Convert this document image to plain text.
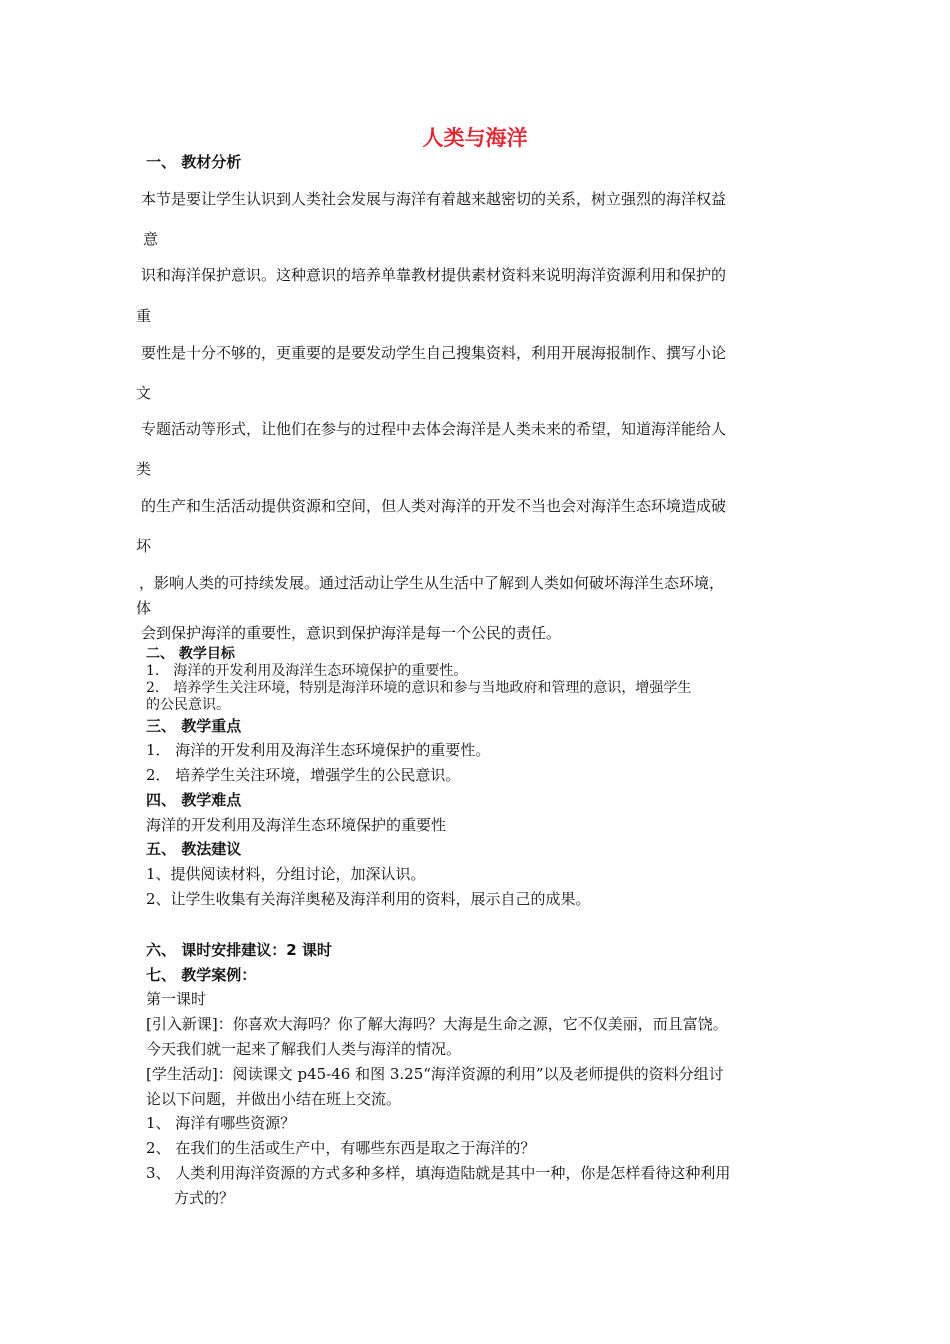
人类与海洋
一、 教材分析
本节是要让学生认识到人类社会发展与海洋有着越来越密切的关系，树立强烈的海洋权益
意
识和海洋保护意识。这种意识的培养单靠教材提供素材资料来说明海洋资源利用和保护的
重
要性是十分不够的，更重要的是要发动学生自己搜集资料，利用开展海报制作、撰写小论
文
专题活动等形式，让他们在参与的过程中去体会海洋是人类未来的希望，知道海洋能给人
类
的生产和生活活动提供资源和空间，但人类对海洋的开发不当也会对海洋生态环境造成破
坏
，影响人类的可持续发展。通过活动让学生从生活中了解到人类如何破坏海洋生态环境，
体
会到保护海洋的重要性，意识到保护海洋是每一个公民的责任。
二、 教学目标
1． 海洋的开发利用及海洋生态环境保护的重要性。
2． 培养学生关注环境，特别是海洋环境的意识和参与当地政府和管理的意识，增强学生
的公民意识。
三、 教学重点
1． 海洋的开发利用及海洋生态环境保护的重要性。
2． 培养学生关注环境，增强学生的公民意识。
四、 教学难点
海洋的开发利用及海洋生态环境保护的重要性
五、 教法建议
1、提供阅读材料，分组讨论，加深认识。
2、让学生收集有关海洋奥秘及海洋利用的资料，展示自己的成果。
六、 课时安排建议：2 课时
七、 教学案例：
第一课时
[引入新课]：你喜欢大海吗？你了解大海吗？大海是生命之源，它不仅美丽，而且富饶。
今天我们就一起来了解我们人类与海洋的情况。
[学生活动]：阅读课文 p45-46 和图 3.25“海洋资源的利用”以及老师提供的资料分组讨
论以下问题，并做出小结在班上交流。
1、 海洋有哪些资源？
2、 在我们的生活或生产中，有哪些东西是取之于海洋的？
3、 人类利用海洋资源的方式多种多样，填海造陆就是其中一种，你是怎样看待这种利用
方式的？
